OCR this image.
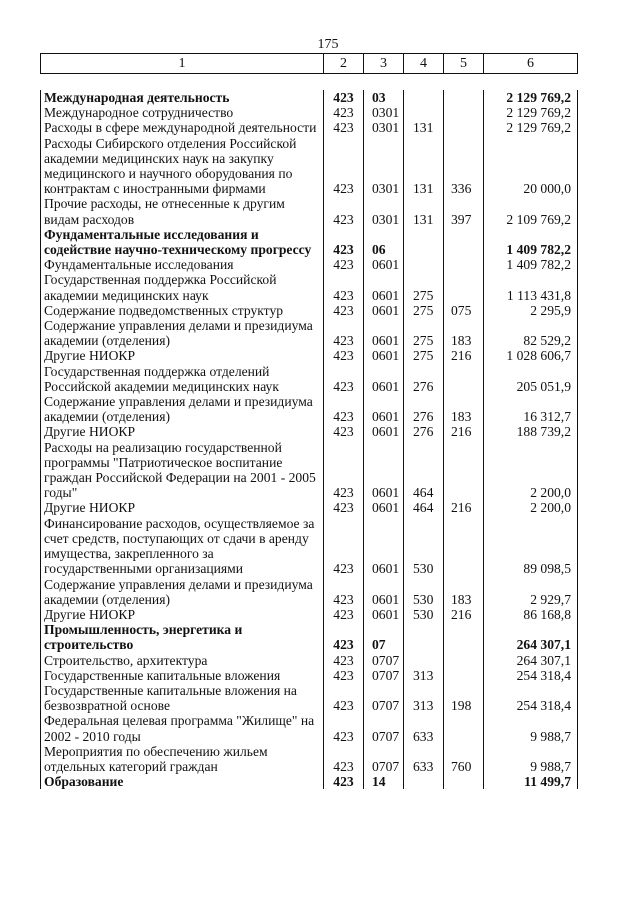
175
1	2	3	4	5	6
Международная деятельность	423	03			2 129 769,2
Международное сотрудничество	423	0301			2 129 769,2
Расходы в сфере международной деятельности	423	0301	131		2 129 769,2
Расходы Сибирского отделения Российской академии медицинских наук на закупку медицинского и научного оборудования по контрактам с иностранными фирмами	423	0301	131	336	20 000,0
Прочие расходы, не отнесенные к другим видам расходов	423	0301	131	397	2 109 769,2
Фундаментальные исследования и содействие научно-техническому прогрессу	423	06			1 409 782,2
Фундаментальные исследования	423	0601			1 409 782,2
Государственная поддержка Российской академии медицинских наук	423	0601	275		1 113 431,8
Содержание подведомственных структур	423	0601	275	075	2 295,9
Содержание управления делами и президиума академии (отделения)	423	0601	275	183	82 529,2
Другие НИОКР	423	0601	275	216	1 028 606,7
Государственная поддержка отделений Российской академии медицинских наук	423	0601	276		205 051,9
Содержание управления делами и президиума академии (отделения)	423	0601	276	183	16 312,7
Другие НИОКР	423	0601	276	216	188 739,2
Расходы на реализацию государственной программы "Патриотическое воспитание граждан Российской Федерации на 2001 - 2005 годы"	423	0601	464		2 200,0
Другие НИОКР	423	0601	464	216	2 200,0
Финансирование расходов, осуществляемое за счет средств, поступающих от сдачи в аренду имущества, закрепленного за государственными организациями	423	0601	530		89 098,5
Содержание управления делами и президиума академии (отделения)	423	0601	530	183	2 929,7
Другие НИОКР	423	0601	530	216	86 168,8
Промышленность, энергетика и строительство	423	07			264 307,1
Строительство, архитектура	423	0707			264 307,1
Государственные капитальные вложения	423	0707	313		254 318,4
Государственные капитальные вложения на безвозвратной основе	423	0707	313	198	254 318,4
Федеральная целевая программа "Жилище" на 2002 - 2010 годы	423	0707	633		9 988,7
Мероприятия по обеспечению жильем отдельных категорий граждан	423	0707	633	760	9 988,7
Образование	423	14			11 499,7
